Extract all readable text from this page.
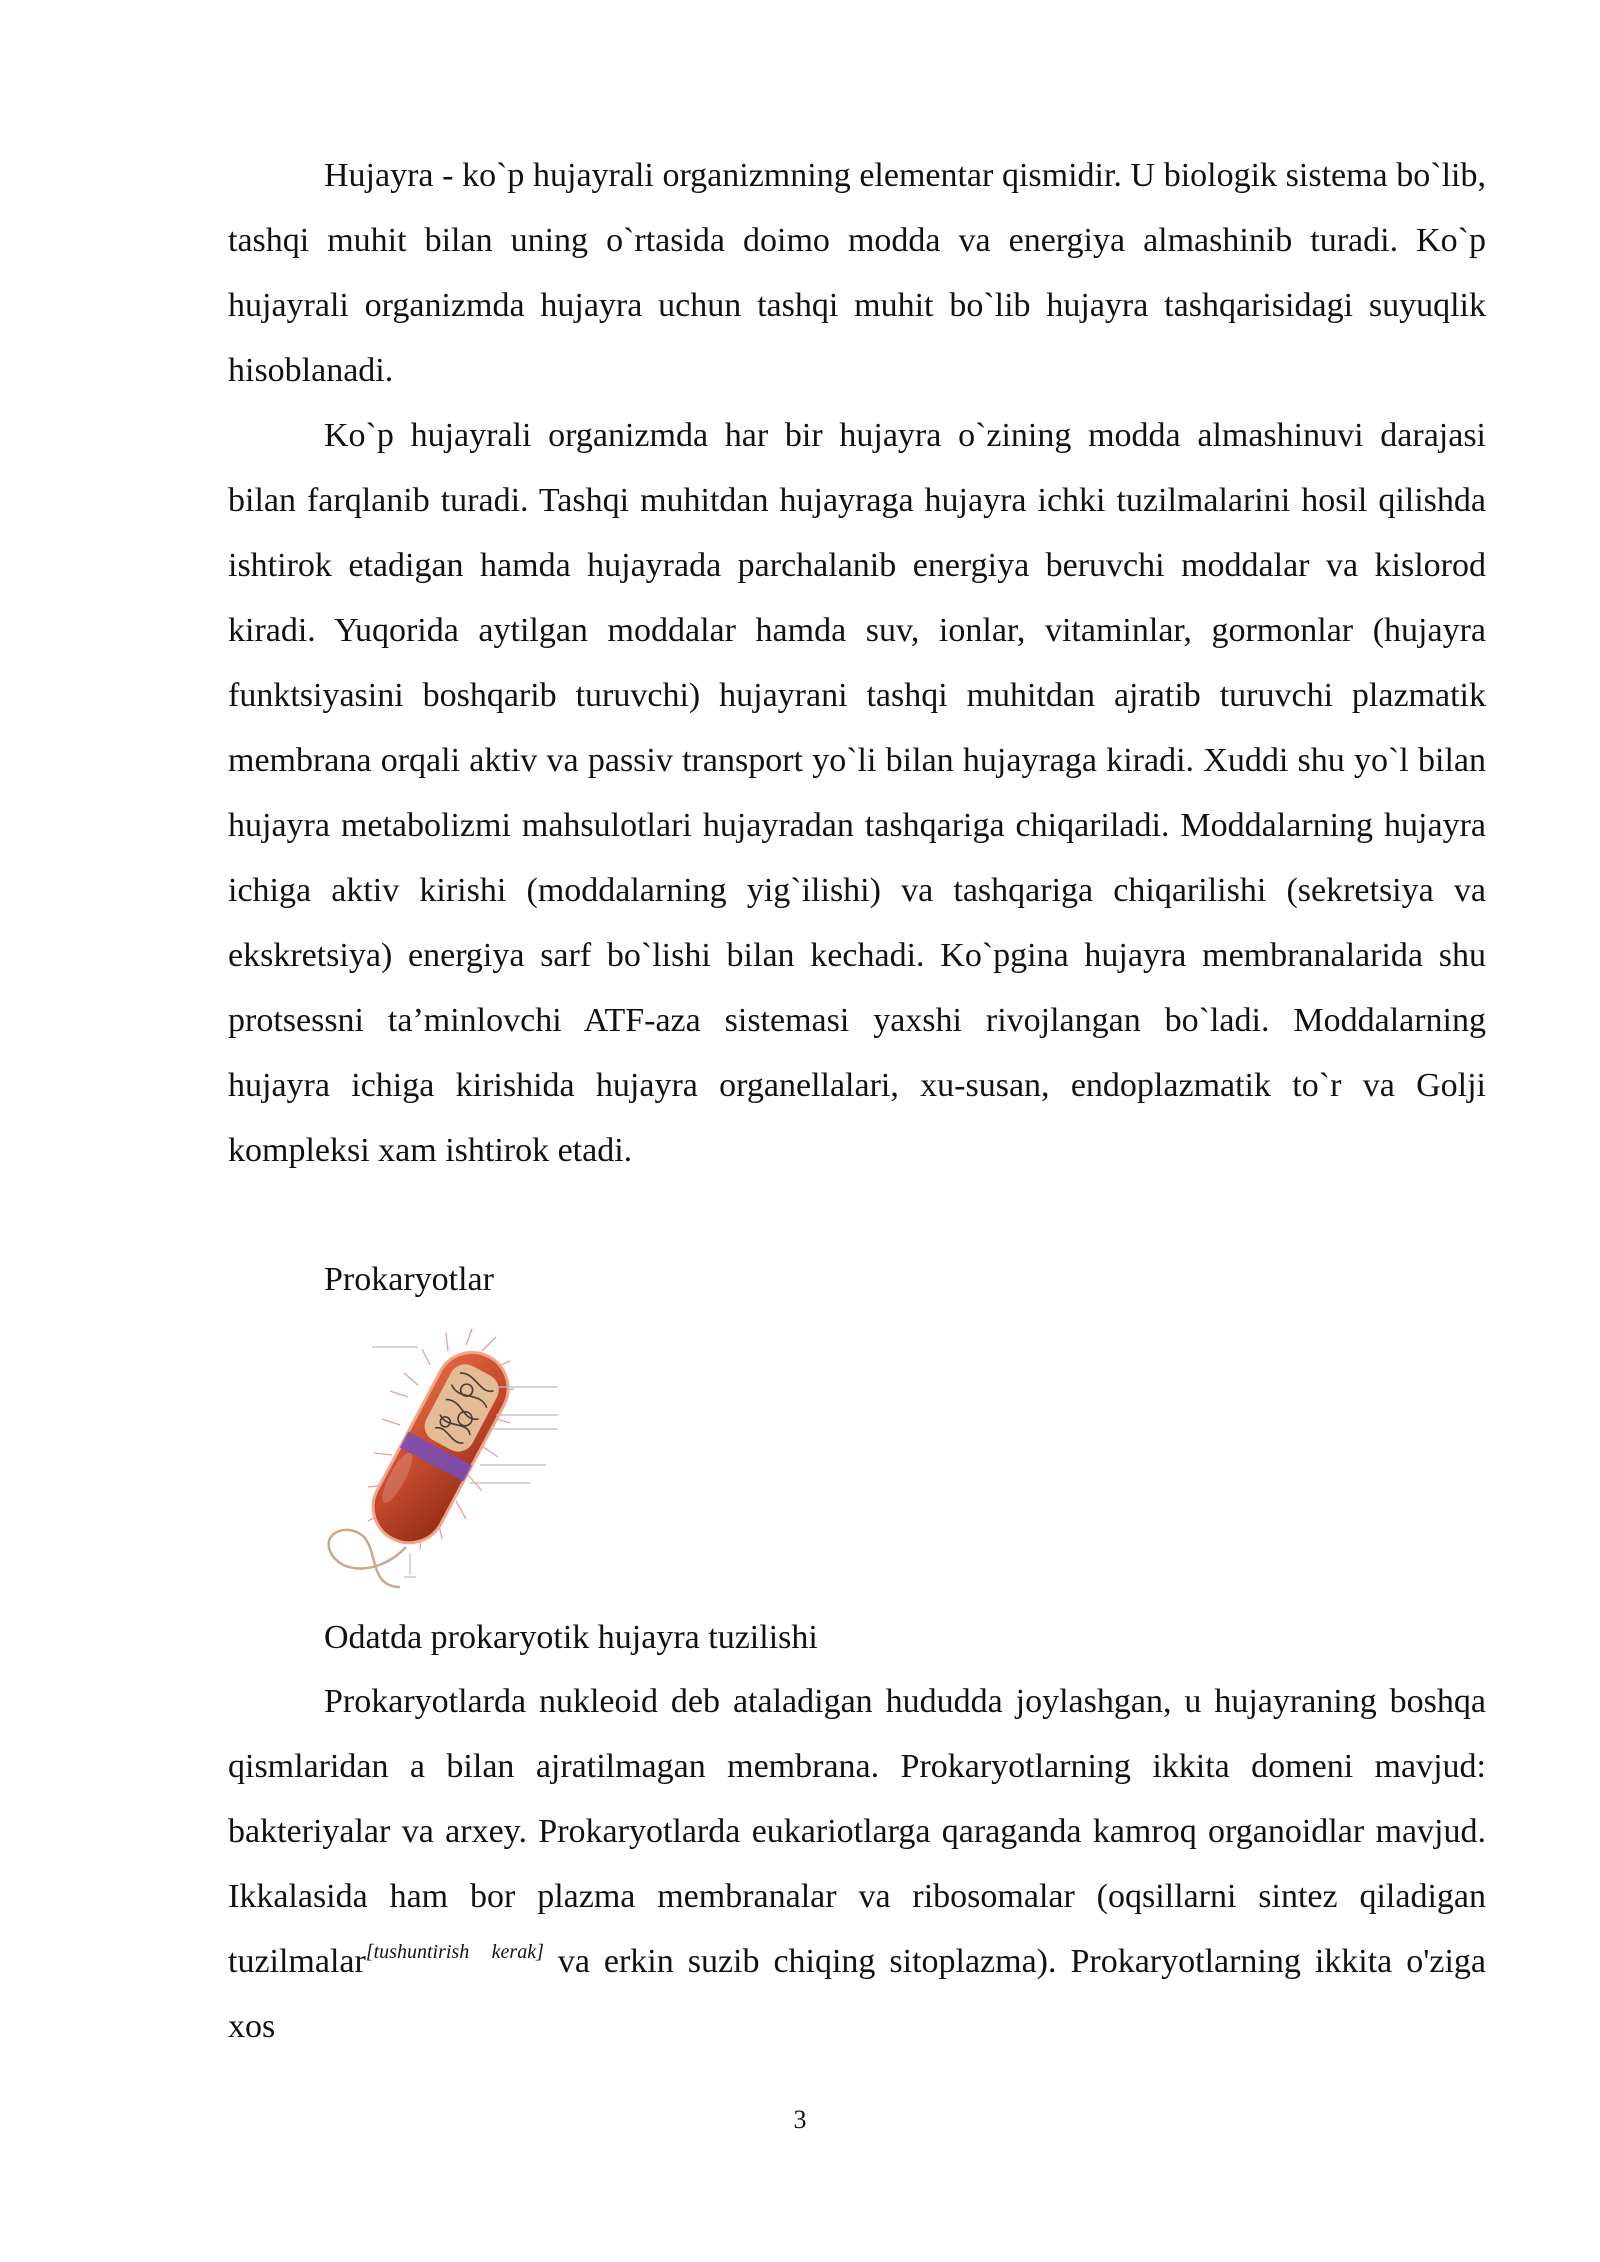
Hujayra - ko`p hujayrali organizmning elementar qismidir. U biologik sistema bo`lib, tashqi muhit bilan uning o`rtasida doimo modda va energiya almashinib turadi. Ko`p hujayrali organizmda hujayra uchun tashqi muhit bo`lib hujayra tashqarisidagi suyuqlik hisoblanadi.

Ko`p hujayrali organizmda har bir hujayra o`zining modda almashinuvi darajasi bilan farqlanib turadi. Tashqi muhitdan hujayraga hujayra ichki tuzilmalarini hosil qilishda ishtirok etadigan hamda hujayrada parchalanib energiya beruvchi moddalar va kislorod kiradi. Yuqorida aytilgan moddalar hamda suv, ionlar, vitaminlar, gormonlar (hujayra funktsiyasini boshqarib turuvchi) hujayrani tashqi muhitdan ajratib turuvchi plazmatik membrana orqali aktiv va passiv transport yo`li bilan hujayraga kiradi. Xuddi shu yo`l bilan hujayra metabolizmi mahsulotlari hujayradan tashqariga chiqariladi. Moddalarning hujayra ichiga aktiv kirishi (moddalarning yig`ilishi) va tashqariga chiqarilishi (sekretsiya va ekskretsiya) energiya sarf bo`lishi bilan kechadi. Ko`pgina hujayra membranalarida shu protsessni ta’minlovchi ATF-aza sistemasi yaxshi rivojlangan bo`ladi. Moddalarning hujayra ichiga kirishida hujayra organellalari, xu-susan, endoplazmatik to`r va Golji kompleksi xam ishtirok etadi.

Prokaryotlar

Odatda prokaryotik hujayra tuzilishi

Prokaryotlarda nukleoid deb ataladigan hududda joylashgan, u hujayraning boshqa qismlaridan a bilan ajratilmagan membrana. Prokaryotlarning ikkita domeni mavjud: bakteriyalar va arxey. Prokaryotlarda eukariotlarga qaraganda kamroq organoidlar mavjud. Ikkalasida ham bor plazma membranalar va ribosomalar (oqsillarni sintez qiladigan tuzilmalar[tushuntirish kerak] va erkin suzib chiqing sitoplazma). Prokaryotlarning ikkita o'ziga xos

3
